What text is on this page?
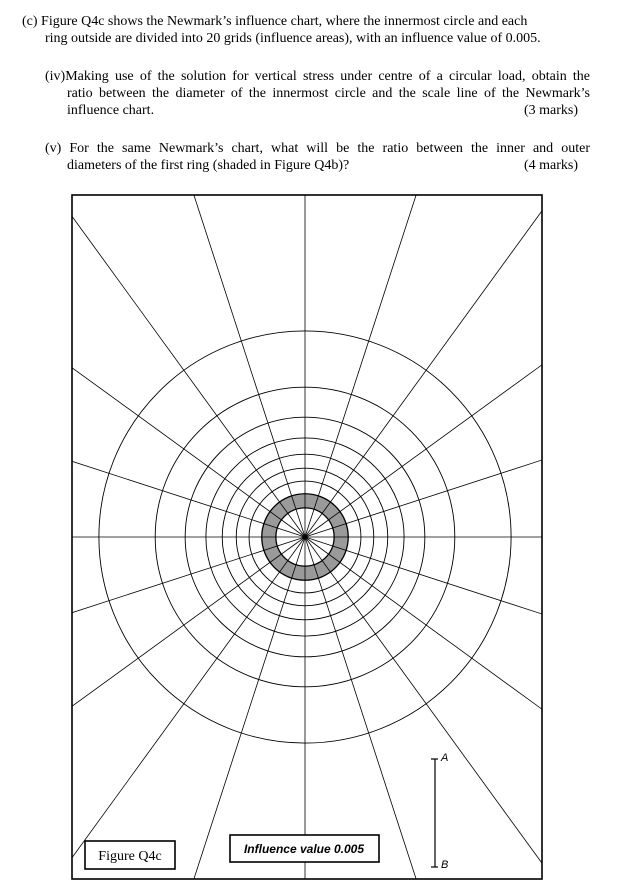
(c) Figure Q4c shows the Newmark’s influence chart, where the innermost circle and each
ring outside are divided into 20 grids (influence areas), with an influence value of 0.005.
(iv)Making use of the solution for vertical stress under centre of a circular load, obtain the
ratio between the diameter of the innermost circle and the scale line of the Newmark’s
influence chart.	(3 marks)
(v) For the same Newmark’s chart, what will be the ratio between the inner and outer
diameters of the first ring (shaded in Figure Q4b)?	(4 marks)
A
B
Influence value 0.005
Figure Q4c
